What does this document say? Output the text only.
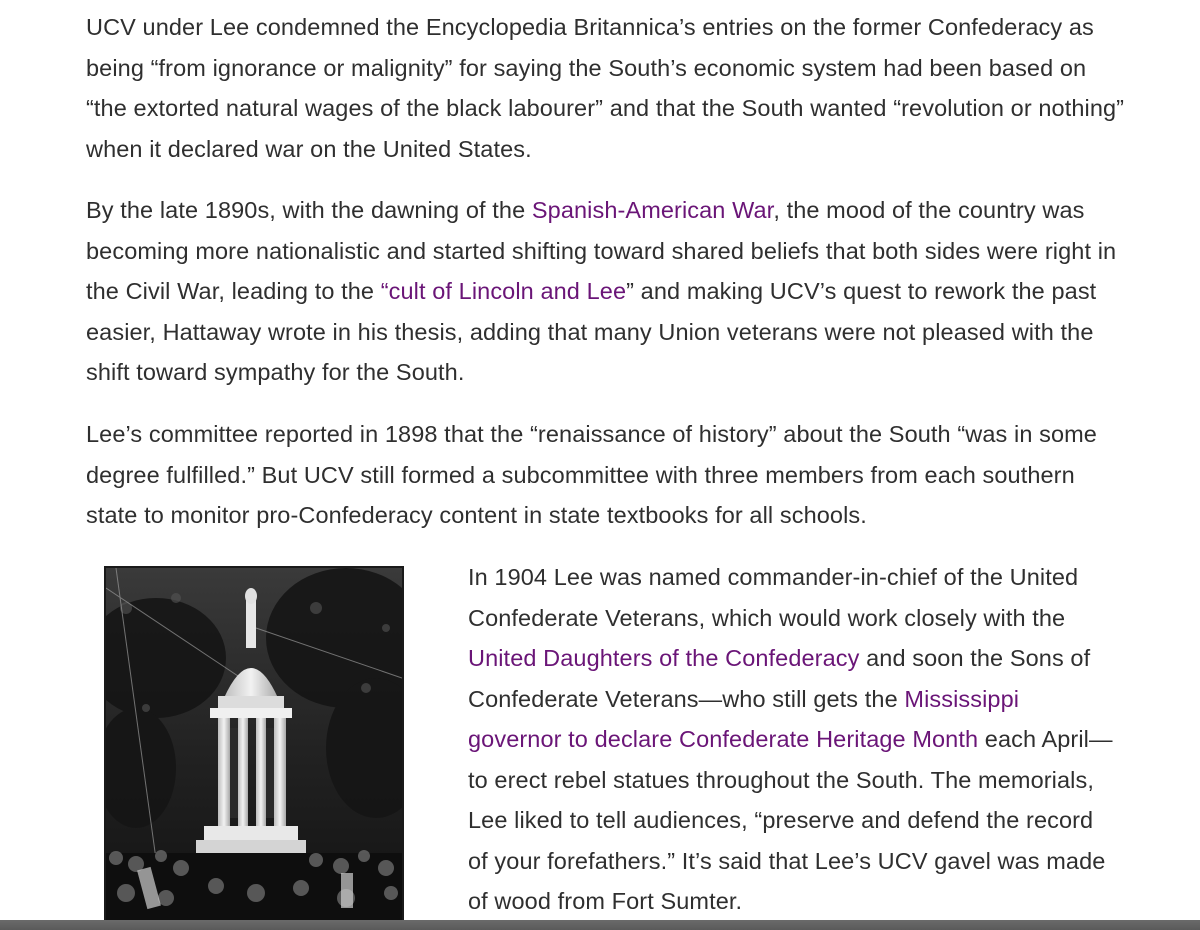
UCV under Lee condemned the Encyclopedia Britannica’s entries on the former Confederacy as being “from ignorance or malignity” for saying the South’s economic system had been based on “the extorted natural wages of the black labourer” and that the South wanted “revolution or nothing” when it declared war on the United States.

By the late 1890s, with the dawning of the Spanish-American War, the mood of the country was becoming more nationalistic and started shifting toward shared beliefs that both sides were right in the Civil War, leading to the “cult of Lincoln and Lee” and making UCV’s quest to rework the past easier, Hattaway wrote in his thesis, adding that many Union veterans were not pleased with the shift toward sympathy for the South.

Lee’s committee reported in 1898 that the “renaissance of history” about the South “was in some degree fulfilled.” But UCV still formed a subcommittee with three members from each southern state to monitor pro-Confederacy content in state textbooks for all schools.

In 1904 Lee was named commander-in-chief of the United Confederate Veterans, which would work closely with the United Daughters of the Confederacy and soon the Sons of Confederate Veterans—who still gets the Mississippi governor to declare Confederate Heritage Month each April—to erect rebel statues throughout the South. The memorials, Lee liked to tell audiences, “preserve and defend the record of your forefathers.” It’s said that Lee’s UCV gavel was made of wood from Fort Sumter.
